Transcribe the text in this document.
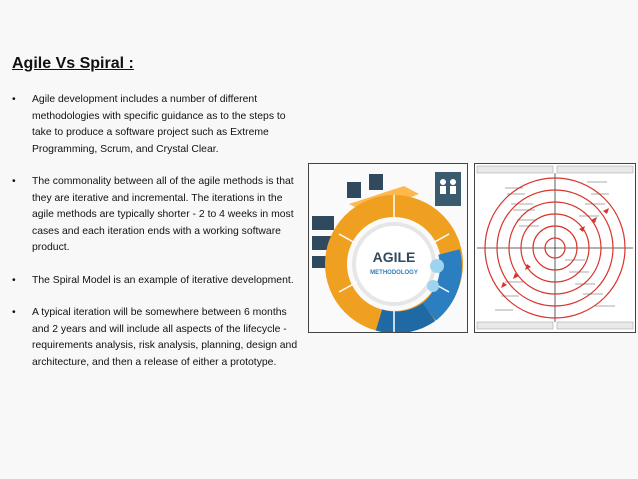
Agile Vs Spiral :
• Agile development includes a number of different methodologies with specific guidance as to the steps to take to produce a software project such as Extreme Programming, Scrum, and Crystal Clear.
• The commonality between all of the agile methods is that they are iterative and incremental. The iterations in the agile methods are typically shorter - 2 to 4 weeks in most cases and each iteration ends with a working software product.
• The Spiral Model is an example of iterative development.
• A typical iteration will be somewhere between 6 months and 2 years and will include all aspects of the lifecycle - requirements analysis, risk analysis, planning, design and architecture, and then a release of either a prototype.
AGILE
METHODOLOGY
